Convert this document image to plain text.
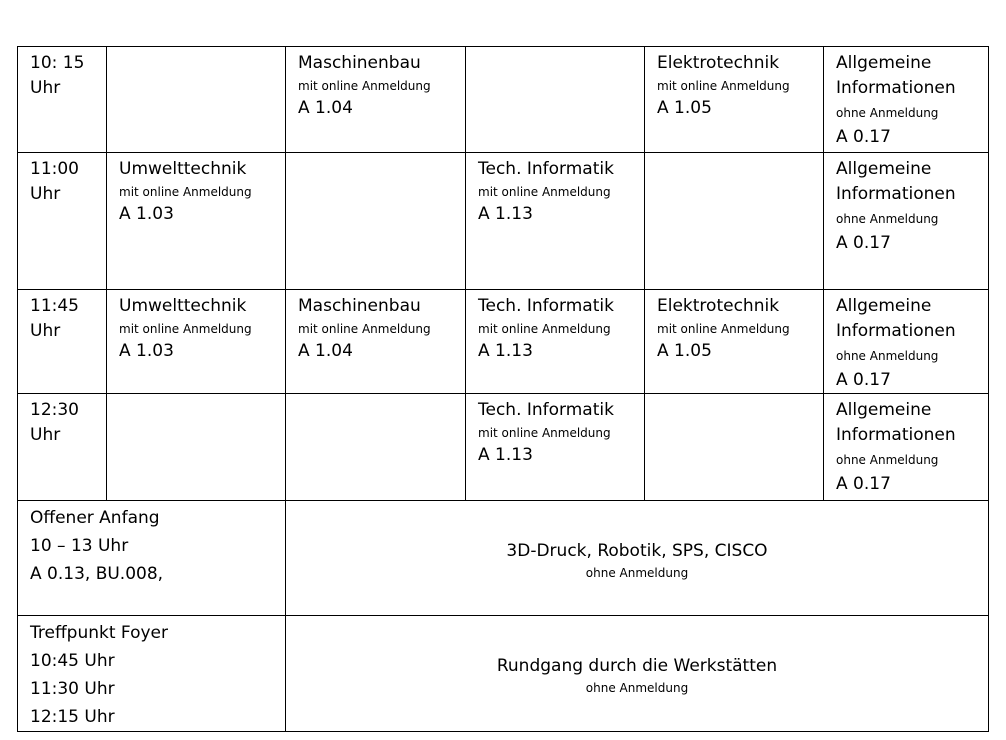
10: 15
Uhr		Maschinenbau
mit online Anmeldung
A 1.04		Elektrotechnik
mit online Anmeldung
A 1.05	Allgemeine
Informationen
ohne Anmeldung
A 0.17

11:00
Uhr	Umwelttechnik
mit online Anmeldung
A 1.03		Tech. Informatik
mit online Anmeldung
A 1.13		Allgemeine
Informationen
ohne Anmeldung
A 0.17

11:45
Uhr	Umwelttechnik
mit online Anmeldung
A 1.03	Maschinenbau
mit online Anmeldung
A 1.04	Tech. Informatik
mit online Anmeldung
A 1.13	Elektrotechnik
mit online Anmeldung
A 1.05	Allgemeine
Informationen
ohne Anmeldung
A 0.17

12:30
Uhr			Tech. Informatik
mit online Anmeldung
A 1.13		Allgemeine
Informationen
ohne Anmeldung
A 0.17

Offener Anfang
10 – 13 Uhr
A 0.13, BU.008,		3D-Druck, Robotik, SPS, CISCO
ohne Anmeldung			

Treffpunkt Foyer
10:45 Uhr
11:30 Uhr
12:15 Uhr		Rundgang durch die Werkstätten
ohne Anmeldung			
